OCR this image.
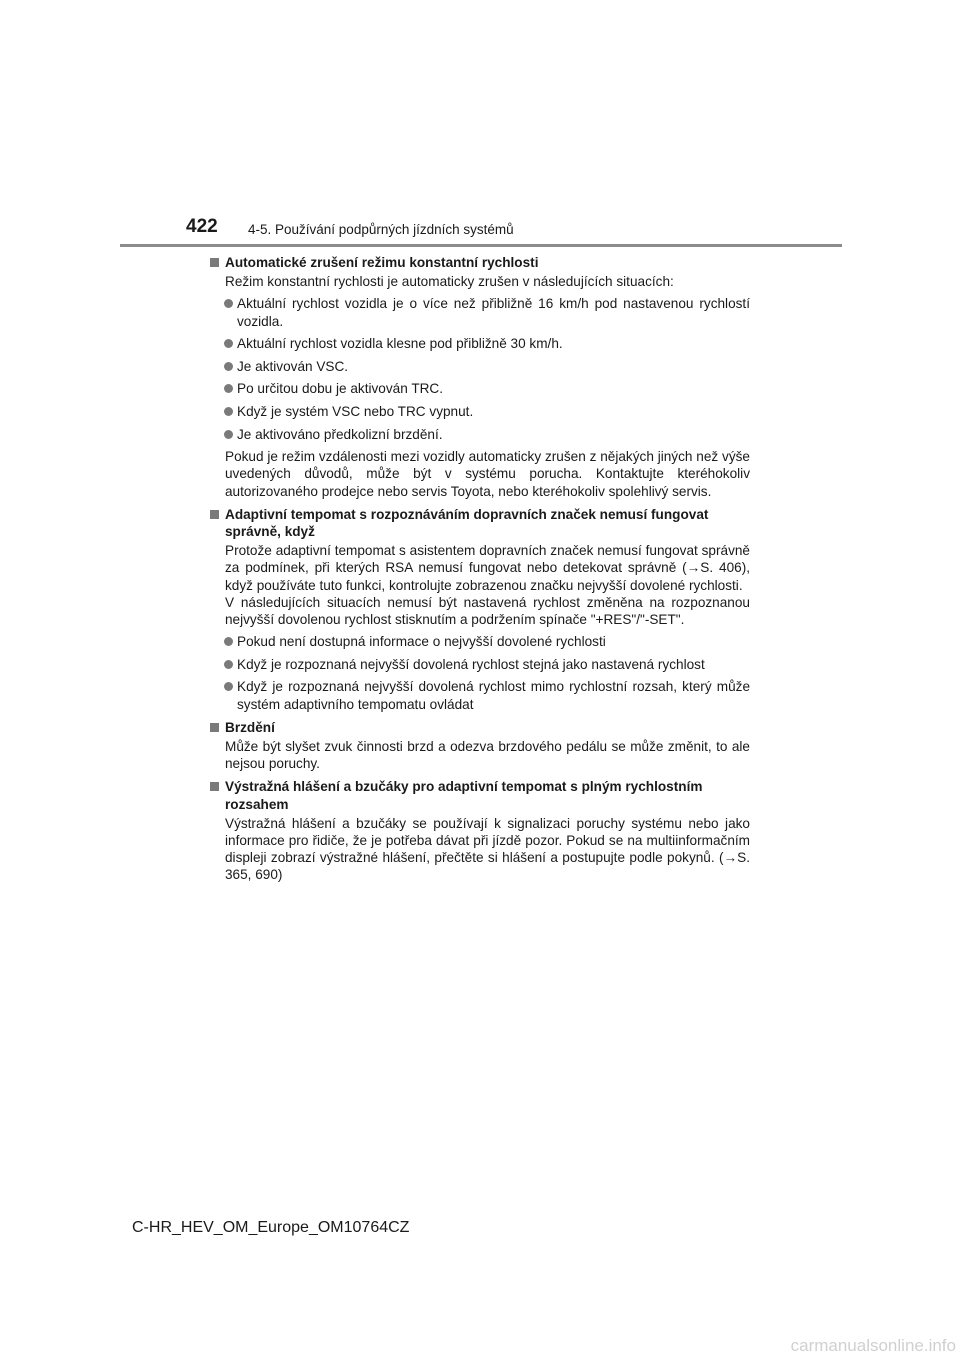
422 4-5. Používání podpůrných jízdních systémů
Automatické zrušení režimu konstantní rychlosti
Režim konstantní rychlosti je automaticky zrušen v následujících situacích:
Aktuální rychlost vozidla je o více než přibližně 16 km/h pod nastavenou rychlostí vozidla.
Aktuální rychlost vozidla klesne pod přibližně 30 km/h.
Je aktivován VSC.
Po určitou dobu je aktivován TRC.
Když je systém VSC nebo TRC vypnut.
Je aktivováno předkolizní brzdění.
Pokud je režim vzdálenosti mezi vozidly automaticky zrušen z nějakých jiných než výše uvedených důvodů, může být v systému porucha. Kontaktujte kteréhokoliv autorizovaného prodejce nebo servis Toyota, nebo kteréhokoliv spolehlivý servis.
Adaptivní tempomat s rozpoznáváním dopravních značek nemusí fungovat správně, když
Protože adaptivní tempomat s asistentem dopravních značek nemusí fungovat správně za podmínek, při kterých RSA nemusí fungovat nebo detekovat správně (→S. 406), když používáte tuto funkci, kontrolujte zobrazenou značku nejvyšší dovolené rychlosti.
V následujících situacích nemusí být nastavená rychlost změněna na rozpoznanou nejvyšší dovolenou rychlost stisknutím a podržením spínače "+RES"/"-SET".
Pokud není dostupná informace o nejvyšší dovolené rychlosti
Když je rozpoznaná nejvyšší dovolená rychlost stejná jako nastavená rychlost
Když je rozpoznaná nejvyšší dovolená rychlost mimo rychlostní rozsah, který může systém adaptivního tempomatu ovládat
Brzdění
Může být slyšet zvuk činnosti brzd a odezva brzdového pedálu se může změnit, to ale nejsou poruchy.
Výstražná hlášení a bzučáky pro adaptivní tempomat s plným rychlostním rozsahem
Výstražná hlášení a bzučáky se používají k signalizaci poruchy systému nebo jako informace pro řidiče, že je potřeba dávat při jízdě pozor. Pokud se na multiinformačním displeji zobrazí výstražné hlášení, přečtěte si hlášení a postupujte podle pokynů. (→S. 365, 690)
C-HR_HEV_OM_Europe_OM10764CZ
carmanualsonline.info
